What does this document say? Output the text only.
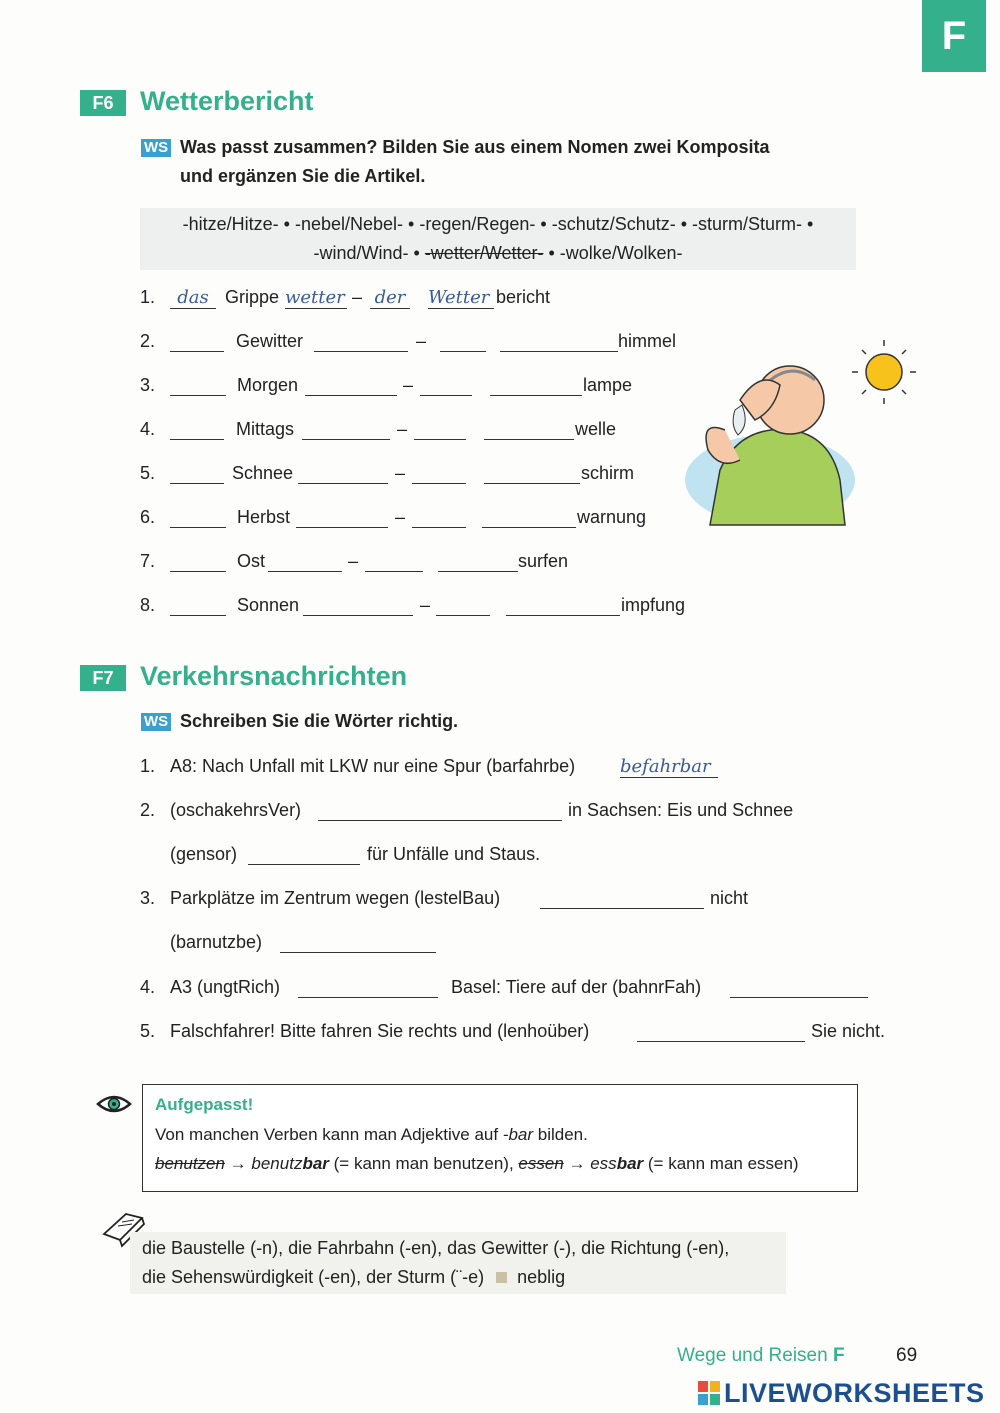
F
F6 Wetterbericht
WS Was passt zusammen? Bilden Sie aus einem Nomen zwei Komposita
und ergänzen Sie die Artikel.
-hitze/Hitze- • -nebel/Nebel- • -regen/Regen- • -schutz/Schutz- • -sturm/Sturm- •
-wind/Wind- • -wetter/Wetter- • -wolke/Wolken-
1.	das Grippe wetter – der Wetter bericht
2.	Gewitter	–	himmel
3.	Morgen	–	lampe
4.	Mittags	–	welle
5.	Schnee	–	schirm
6.	Herbst	–	warnung
7.	Ost	–	surfen
8.	Sonnen	–	impfung
F7 Verkehrsnachrichten
WS Schreiben Sie die Wörter richtig.
1. A8: Nach Unfall mit LKW nur eine Spur (barfahrbe) befahrbar
2. (oschakehrsVer)	in Sachsen: Eis und Schnee
(gensor)	für Unfälle und Staus.
3. Parkplätze im Zentrum wegen (lestelBau)	nicht
(barnutzbe)
4. A3 (ungtRich)	Basel: Tiere auf der (bahnrFah)
5. Falschfahrer! Bitte fahren Sie rechts und (lenhoüber)	Sie nicht.
Aufgepasst!
Von manchen Verben kann man Adjektive auf -bar bilden.
benutzen → benutzbar (= kann man benutzen), essen → essbar (= kann man essen)
die Baustelle (-n), die Fahrbahn (-en), das Gewitter (-), die Richtung (-en),
die Sehenswürdigkeit (-en), der Sturm (¨-e) neblig
Wege und Reisen F	69
LIVEWORKSHEETS
